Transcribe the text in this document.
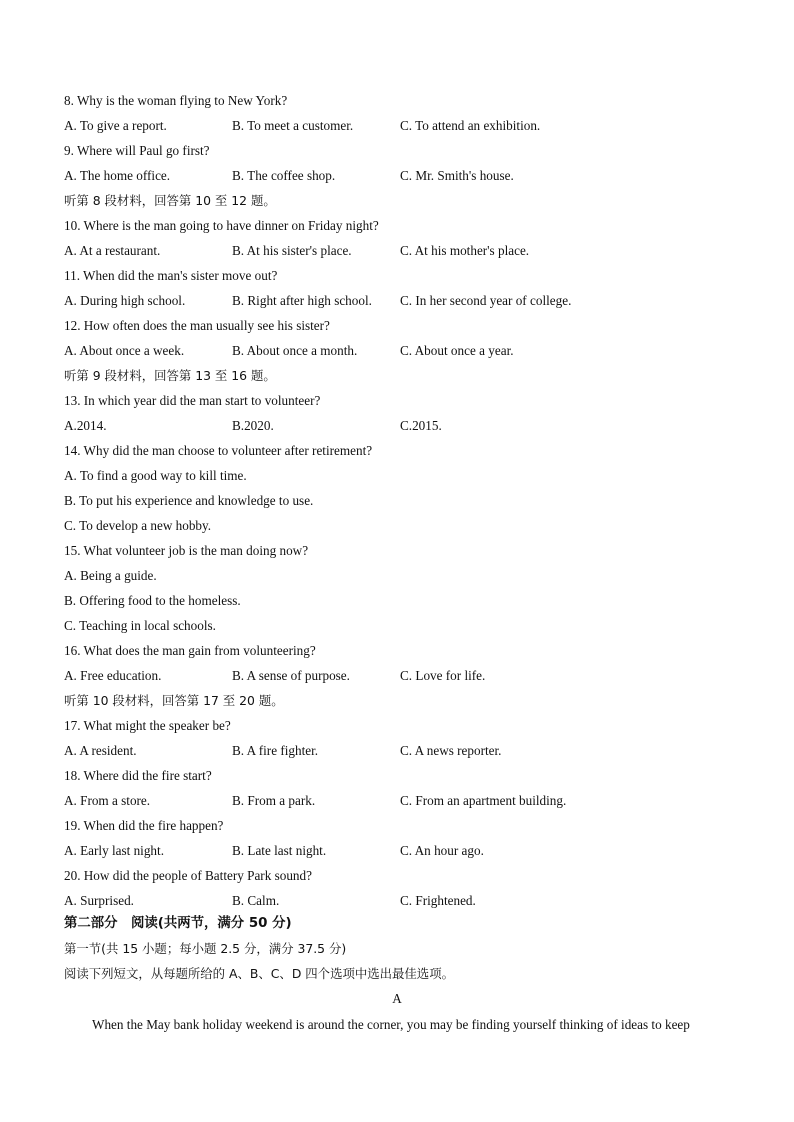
8. Why is the woman flying to New York?
A. To give a report.	B. To meet a customer.	C. To attend an exhibition.
9. Where will Paul go first?
A. The home office.	B. The coffee shop.	C. Mr. Smith's house.
听第 8 段材料，回答第 10 至 12 题。
10. Where is the man going to have dinner on Friday night?
A. At a restaurant.	B. At his sister's place.	C. At his mother's place.
11. When did the man's sister move out?
A. During high school.	B. Right after high school. C. In her second year of college.
12. How often does the man usually see his sister?
A. About once a week.	B. About once a month.	C. About once a year.
听第 9 段材料，回答第 13 至 16 题。
13. In which year did the man start to volunteer?
A.2014.	B.2020.	C.2015.
14. Why did the man choose to volunteer after retirement?
A. To find a good way to kill time.
B. To put his experience and knowledge to use.
C. To develop a new hobby.
15. What volunteer job is the man doing now?
A. Being a guide.
B. Offering food to the homeless.
C. Teaching in local schools.
16. What does the man gain from volunteering?
A. Free education.	B. A sense of purpose.	C. Love for life.
听第 10 段材料，回答第 17 至 20 题。
17. What might the speaker be?
A. A resident.	B. A fire fighter.	C. A news reporter.
18. Where did the fire start?
A. From a store.	B. From a park.	C. From an apartment building.
19. When did the fire happen?
A. Early last night.	B. Late last night.	C. An hour ago.
20. How did the people of Battery Park sound?
A. Surprised.	B. Calm.	C. Frightened.
第二部分　阅读(共两节，满分 50 分)
第一节(共 15 小题；每小题 2.5 分，满分 37.5 分)
阅读下列短文，从每题所给的 A、B、C、D 四个选项中选出最佳选项。
A
When the May bank holiday weekend is around the corner, you may be finding yourself thinking of ideas to keep
